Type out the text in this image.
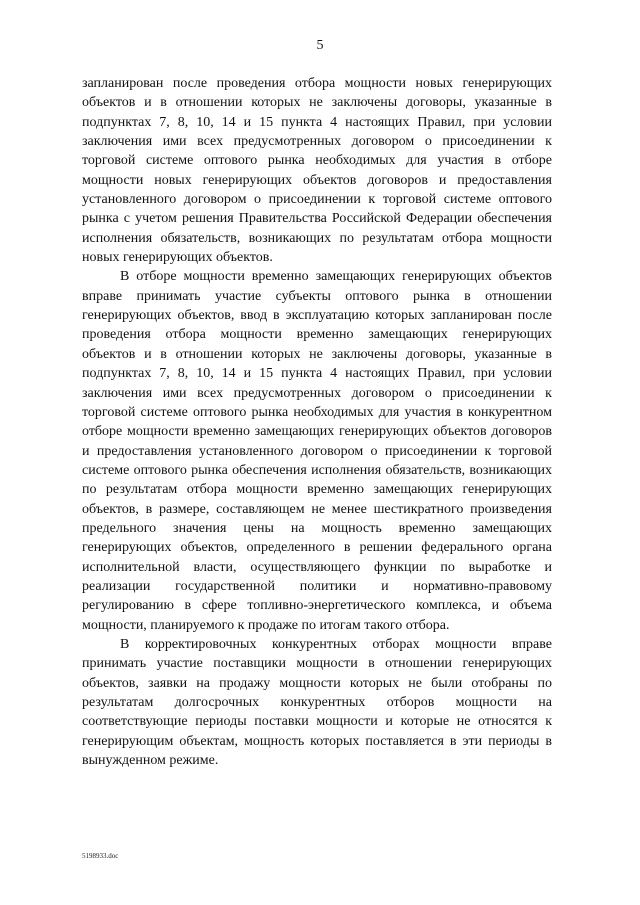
5

запланирован после проведения отбора мощности новых генерирующих объектов и в отношении которых не заключены договоры, указанные в подпунктах 7, 8, 10, 14 и 15 пункта 4 настоящих Правил, при условии заключения ими всех предусмотренных договором о присоединении к торговой системе оптового рынка необходимых для участия в отборе мощности новых генерирующих объектов договоров и предоставления установленного договором о присоединении к торговой системе оптового рынка с учетом решения Правительства Российской Федерации обеспечения исполнения обязательств, возникающих по результатам отбора мощности новых генерирующих объектов.

В отборе мощности временно замещающих генерирующих объектов вправе принимать участие субъекты оптового рынка в отношении генерирующих объектов, ввод в эксплуатацию которых запланирован после проведения отбора мощности временно замещающих генерирующих объектов и в отношении которых не заключены договоры, указанные в подпунктах 7, 8, 10, 14 и 15 пункта 4 настоящих Правил, при условии заключения ими всех предусмотренных договором о присоединении к торговой системе оптового рынка необходимых для участия в конкурентном отборе мощности временно замещающих генерирующих объектов договоров и предоставления установленного договором о присоединении к торговой системе оптового рынка обеспечения исполнения обязательств, возникающих по результатам отбора мощности временно замещающих генерирующих объектов, в размере, составляющем не менее шестикратного произведения предельного значения цены на мощность временно замещающих генерирующих объектов, определенного в решении федерального органа исполнительной власти, осуществляющего функции по выработке и реализации государственной политики и нормативно-правовому регулированию в сфере топливно-энергетического комплекса, и объема мощности, планируемого к продаже по итогам такого отбора.

В корректировочных конкурентных отборах мощности вправе принимать участие поставщики мощности в отношении генерирующих объектов, заявки на продажу мощности которых не были отобраны по результатам долгосрочных конкурентных отборов мощности на соответствующие периоды поставки мощности и которые не относятся к генерирующим объектам, мощность которых поставляется в эти периоды в вынужденном режиме.

5198933.doc
